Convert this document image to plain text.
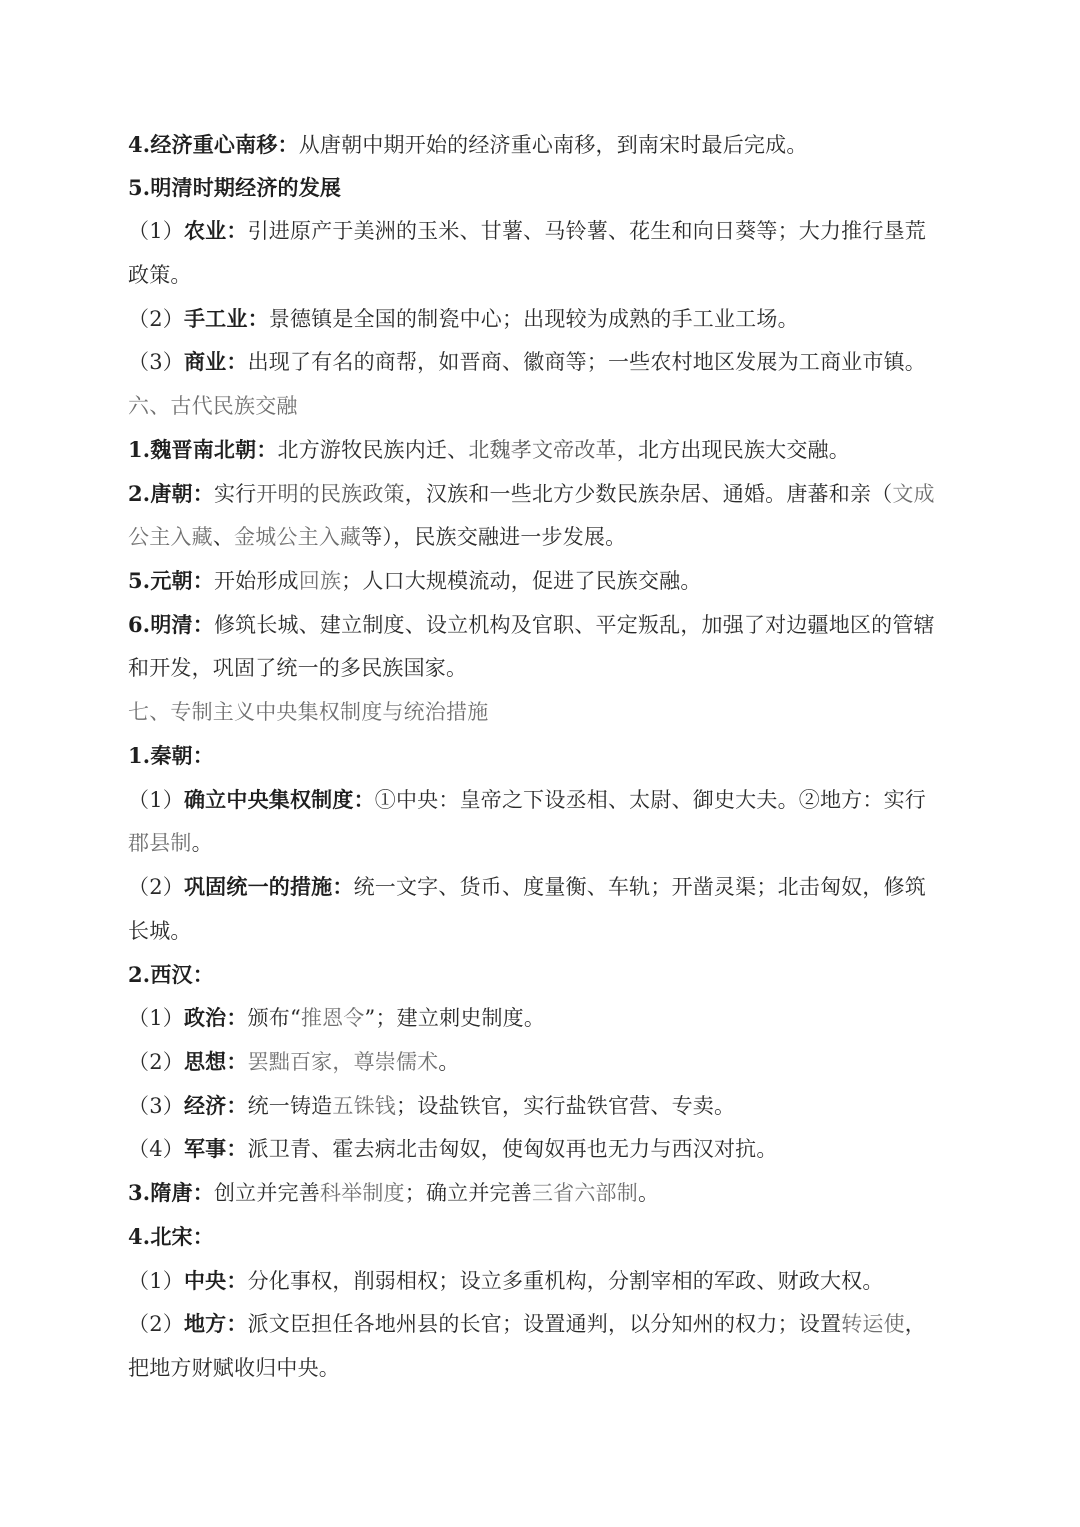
4.经济重心南移：从唐朝中期开始的经济重心南移，到南宋时最后完成。
5.明清时期经济的发展
（1）农业：引进原产于美洲的玉米、甘薯、马铃薯、花生和向日葵等；大力推行垦荒
政策。
（2）手工业：景德镇是全国的制瓷中心；出现较为成熟的手工业工场。
（3）商业：出现了有名的商帮，如晋商、徽商等；一些农村地区发展为工商业市镇。
六、古代民族交融
1.魏晋南北朝：北方游牧民族内迁、北魏孝文帝改革，北方出现民族大交融。
2.唐朝：实行开明的民族政策，汉族和一些北方少数民族杂居、通婚。唐蕃和亲（文成
公主入藏、金城公主入藏等），民族交融进一步发展。
5.元朝：开始形成回族；人口大规模流动，促进了民族交融。
6.明清：修筑长城、建立制度、设立机构及官职、平定叛乱，加强了对边疆地区的管辖
和开发，巩固了统一的多民族国家。
七、专制主义中央集权制度与统治措施
1.秦朝：
（1）确立中央集权制度：①中央：皇帝之下设丞相、太尉、御史大夫。②地方：实行
郡县制。
（2）巩固统一的措施：统一文字、货币、度量衡、车轨；开凿灵渠；北击匈奴，修筑
长城。
2.西汉：
（1）政治：颁布“推恩令”；建立刺史制度。
（2）思想：罢黜百家，尊崇儒术。
（3）经济：统一铸造五铢钱；设盐铁官，实行盐铁官营、专卖。
（4）军事：派卫青、霍去病北击匈奴，使匈奴再也无力与西汉对抗。
3.隋唐：创立并完善科举制度；确立并完善三省六部制。
4.北宋：
（1）中央：分化事权，削弱相权；设立多重机构，分割宰相的军政、财政大权。
（2）地方：派文臣担任各地州县的长官；设置通判，以分知州的权力；设置转运使，
把地方财赋收归中央。
